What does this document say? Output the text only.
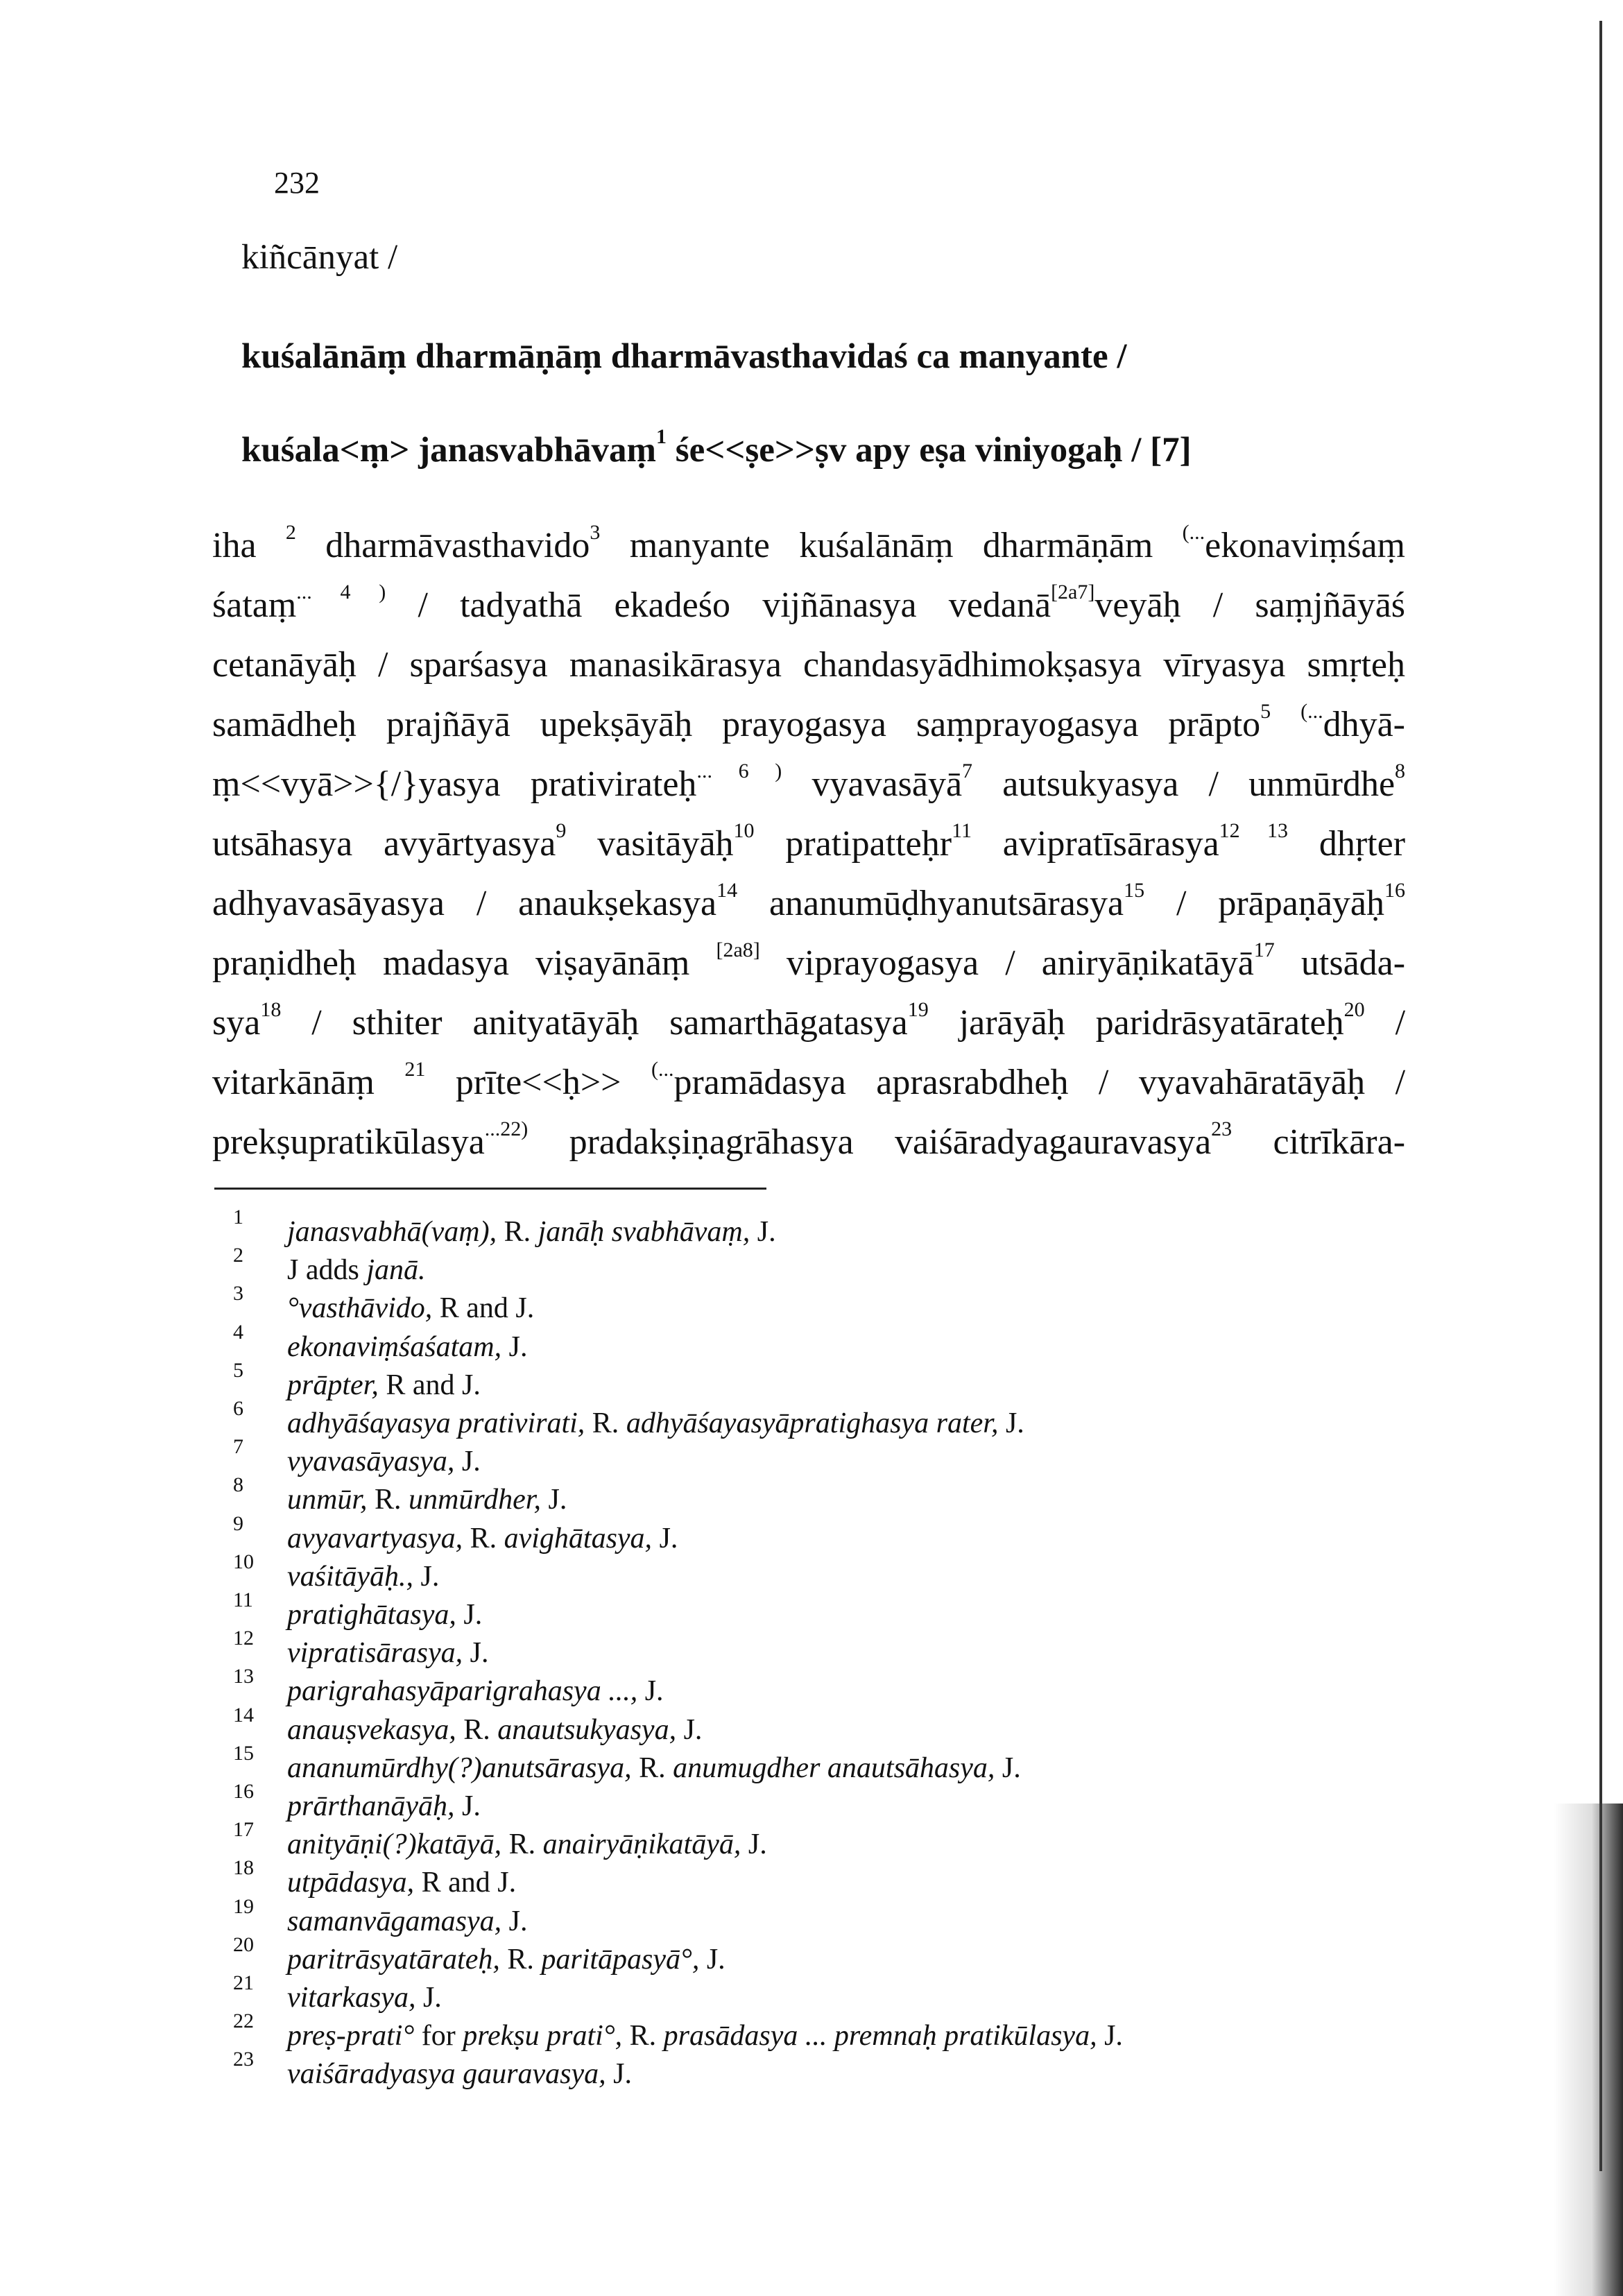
232
kiñcānyat /
kuśalānāṃ dharmāṇāṃ dharmāvasthavidaś ca manyante /
kuśala<ṃ> janasvabhāvaṃ$^1$ śe<<ṣe>>ṣv apy eṣa viniyogaḥ / [7]
iha $^2$ dharmāvasthavido$^3$ manyante kuśalānāṃ dharmāṇām (...ekonaviṃśaṃ
śataṃ$^{... 4 )}$ / tadyathā ekadeśo vijñānasya vedanā[2a7]veyāḥ / saṃjñāyāś
cetanāyāḥ / sparśasya manasikārasya chandasyādhimokṣasya vīryasya smṛteḥ
samādheḥ prajñāyā upekṣāyāḥ prayogasya saṃprayogasya prāpto$^5$ (...dhyā-
ṃ<<vyā>>{/}yasya prativirateḥ$^{... 6 )}$ vyavasāyā$^7$ autsukyasya / unmūrdhe$^8$
utsāhasya avyārtyasya$^9$ vasitāyāḥ$^{10}$ pratipatteḥr$^{11}$ avipratīsārasya$^{12 13}$ dhṛter
adhyavasāyasya / anaukṣekasya$^{14}$ ananumūḍhyanutsārasya$^{15}$ / prāpaṇāyāḥ$^{16}$
praṇidheḥ madasya viṣayānāṃ [2a8] viprayogasya / aniryāṇikatāyā$^{17}$ utsāda-
sya$^{18}$ / sthiter anityatāyāḥ samarthāgatasya$^{19}$ jarāyāḥ paridrāsyatārateḥ$^{20}$ /
vitarkānāṃ $^{21}$ prīte<<ḥ>> (...pramādasya aprasrabdheḥ / vyavahāratāyāḥ /
prekṣupratikūlasya$^{...22)}$ pradakṣiṇagrāhasya vaiśāradyagauravasya$^{23}$ citrīkāra-
1 janasvabhā(vaṃ), R. janāḥ svabhāvaṃ, J.
2 J adds janā.
3 °vasthāvido, R and J.
4 ekonaviṃśaśatam, J.
5 prāpter, R and J.
6 adhyāśayasya prativirati, R. adhyāśayasyāpratighasya rater, J.
7 vyavasāyasya, J.
8 unmūr, R. unmūrdher, J.
9 avyavartyasya, R. avighātasya, J.
10 vaśitāyāḥ., J.
11 pratighātasya, J.
12 vipratisārasya, J.
13 parigrahasyāparigrahasya ..., J.
14 anauṣvekasya, R. anautsukyasya, J.
15 ananumūrdhy(?)anutsārasya, R. anumugdher anautsāhasya, J.
16 prārthanāyāḥ, J.
17 anityāṇi(?)katāyā, R. anairyāṇikatāyā, J.
18 utpādasya, R and J.
19 samanvāgamasya, J.
20 paritrāsyatārateḥ, R. paritāpasyā°, J.
21 vitarkasya, J.
22 preṣ-prati° for prekṣu prati°, R. prasādasya ... premnaḥ pratikūlasya, J.
23 vaiśāradyasya gauravasya, J.
